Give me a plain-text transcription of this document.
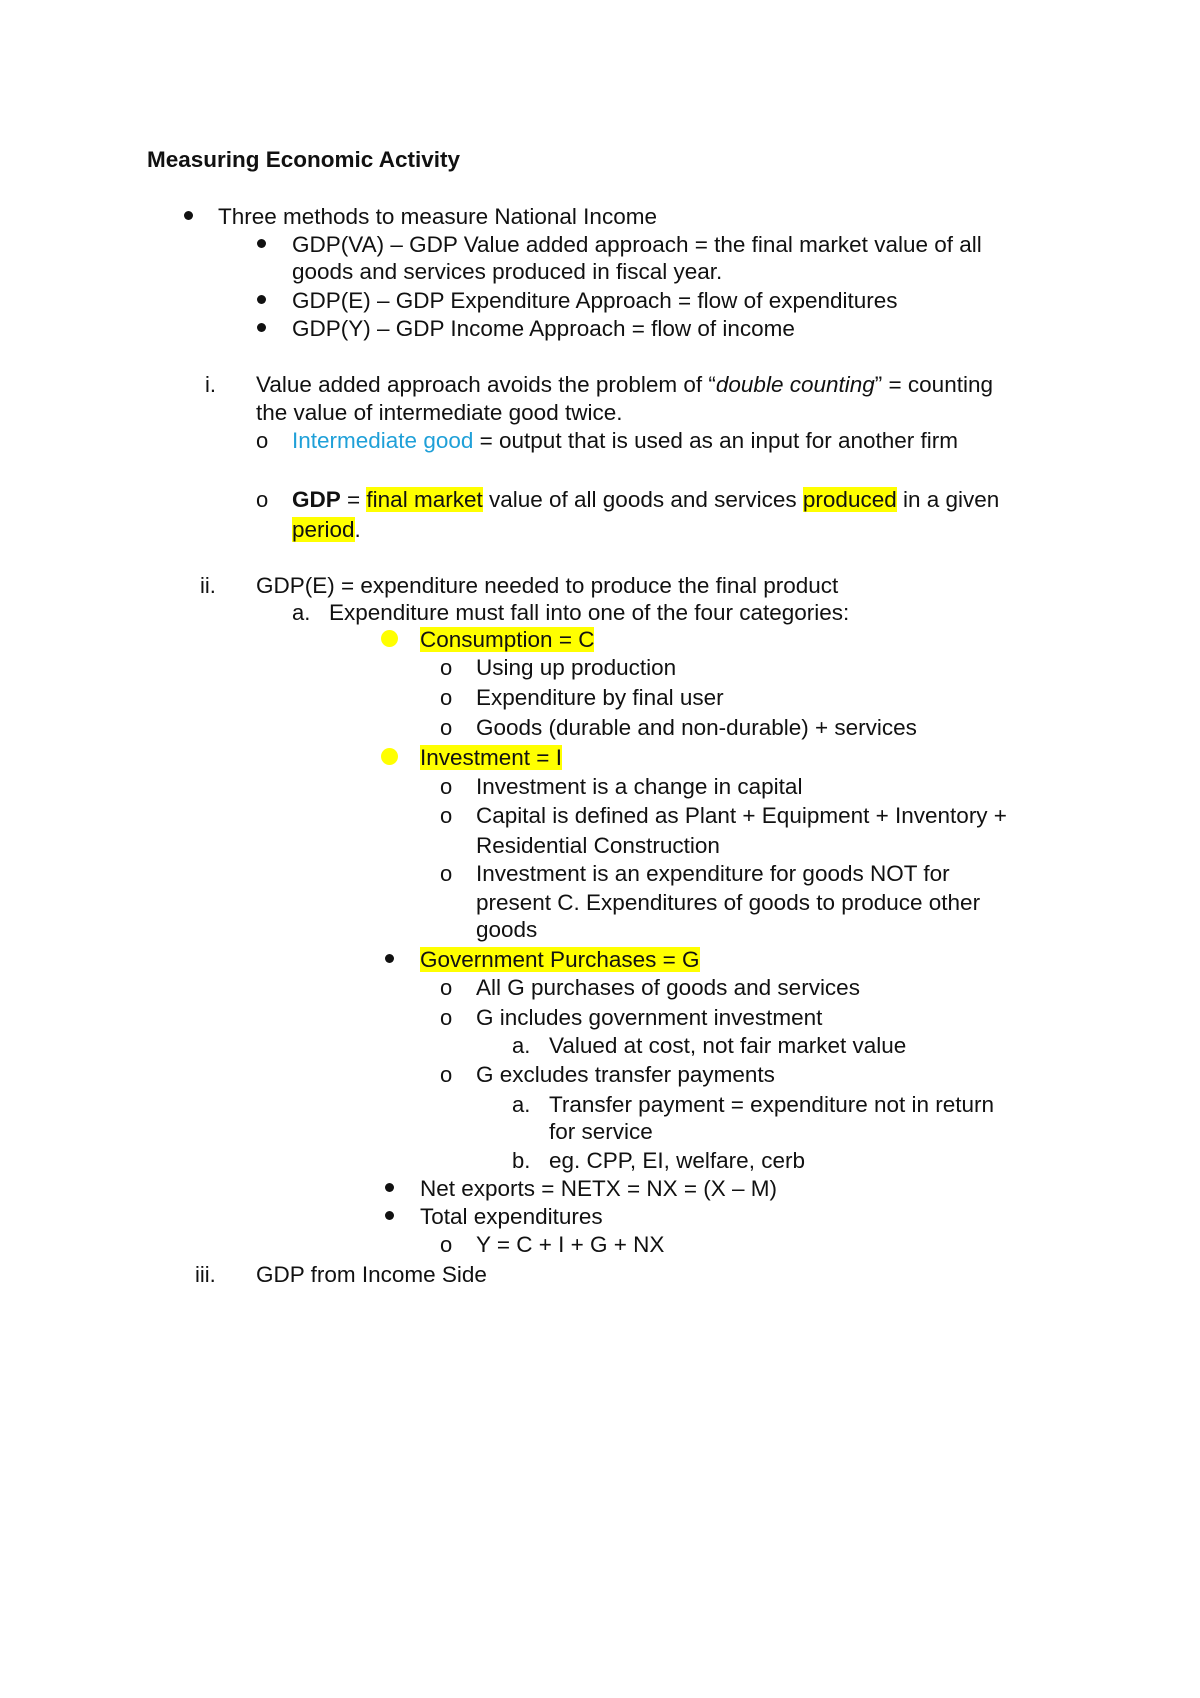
Measuring Economic Activity
Three methods to measure National Income
GDP(VA) – GDP Value added approach = the final market value of all
goods and services produced in fiscal year.
GDP(E) – GDP Expenditure Approach = flow of expenditures
GDP(Y) – GDP Income Approach = flow of income
i. Value added approach avoids the problem of “double counting” = counting
the value of intermediate good twice.
o Intermediate good = output that is used as an input for another firm
o GDP = final market value of all goods and services produced in a given
period.
ii. GDP(E) = expenditure needed to produce the final product
a. Expenditure must fall into one of the four categories:
Consumption = C
o Using up production
o Expenditure by final user
o Goods (durable and non-durable) + services
Investment = I
o Investment is a change in capital
o Capital is defined as Plant + Equipment + Inventory +
Residential Construction
o Investment is an expenditure for goods NOT for
present C. Expenditures of goods to produce other
goods
Government Purchases = G
o All G purchases of goods and services
o G includes government investment
a. Valued at cost, not fair market value
o G excludes transfer payments
a. Transfer payment = expenditure not in return
for service
b. eg. CPP, EI, welfare, cerb
Net exports = NETX = NX = (X – M)
Total expenditures
o Y = C + I + G + NX
iii. GDP from Income Side
